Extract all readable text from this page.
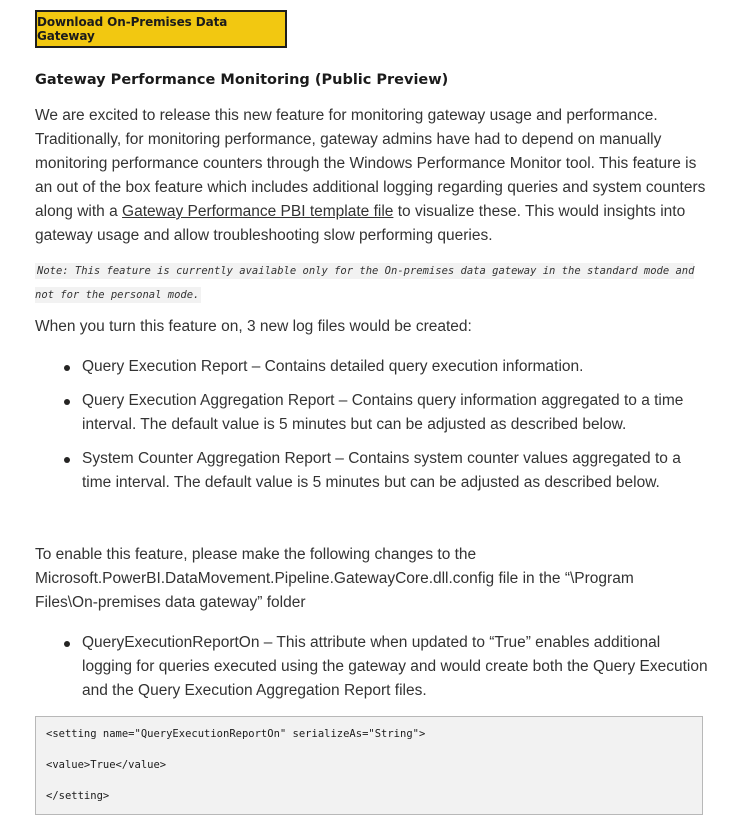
Download On-Premises Data Gateway
Gateway Performance Monitoring (Public Preview)

We are excited to release this new feature for monitoring gateway usage and performance. Traditionally, for monitoring performance, gateway admins have had to depend on manually monitoring performance counters through the Windows Performance Monitor tool. This feature is an out of the box feature which includes additional logging regarding queries and system counters along with a Gateway Performance PBI template file to visualize these. This would insights into gateway usage and allow troubleshooting slow performing queries.

Note: This feature is currently available only for the On-premises data gateway in the standard mode and not for the personal mode.

When you turn this feature on, 3 new log files would be created:

Query Execution Report – Contains detailed query execution information.
Query Execution Aggregation Report – Contains query information aggregated to a time interval. The default value is 5 minutes but can be adjusted as described below.
System Counter Aggregation Report – Contains system counter values aggregated to a time interval. The default value is 5 minutes but can be adjusted as described below.

To enable this feature, please make the following changes to the Microsoft.PowerBI.DataMovement.Pipeline.GatewayCore.dll.config file in the “\Program Files\On-premises data gateway” folder

QueryExecutionReportOn – This attribute when updated to “True” enables additional logging for queries executed using the gateway and would create both the Query Execution and the Query Execution Aggregation Report files.
<setting name="QueryExecutionReportOn" serializeAs="String">
<value>True</value>
</setting>
